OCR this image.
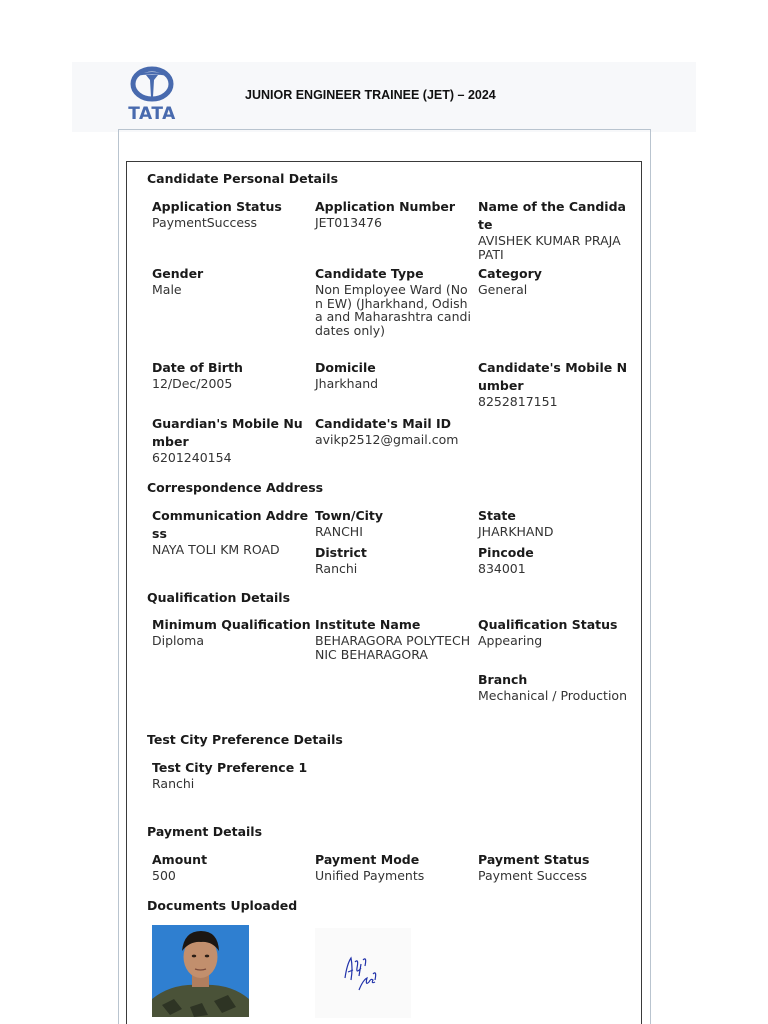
TATA
JUNIOR ENGINEER TRAINEE (JET) – 2024
Candidate Personal Details
Application Status
PaymentSuccess
Application Number
JET013476
Name of the Candidate
AVISHEK KUMAR PRAJAPATI
Gender
Male
Candidate Type
Non Employee Ward (Non EW) (Jharkhand, Odisha and Maharashtra candidates only)
Category
General
Date of Birth
12/Dec/2005
Domicile
Jharkhand
Candidate's Mobile Number
8252817151
Guardian's Mobile Number
6201240154
Candidate's Mail ID
avikp2512@gmail.com
Correspondence Address
Communication Address
NAYA TOLI KM ROAD
Town/City
RANCHI
District
Ranchi
State
JHARKHAND
Pincode
834001
Qualification Details
Minimum Qualification
Diploma
Institute Name
BEHARAGORA POLYTECHNIC BEHARAGORA
Qualification Status
Appearing
Branch
Mechanical / Production
Test City Preference Details
Test City Preference 1
Ranchi
Payment Details
Amount
500
Payment Mode
Unified Payments
Payment Status
Payment Success
Documents Uploaded
